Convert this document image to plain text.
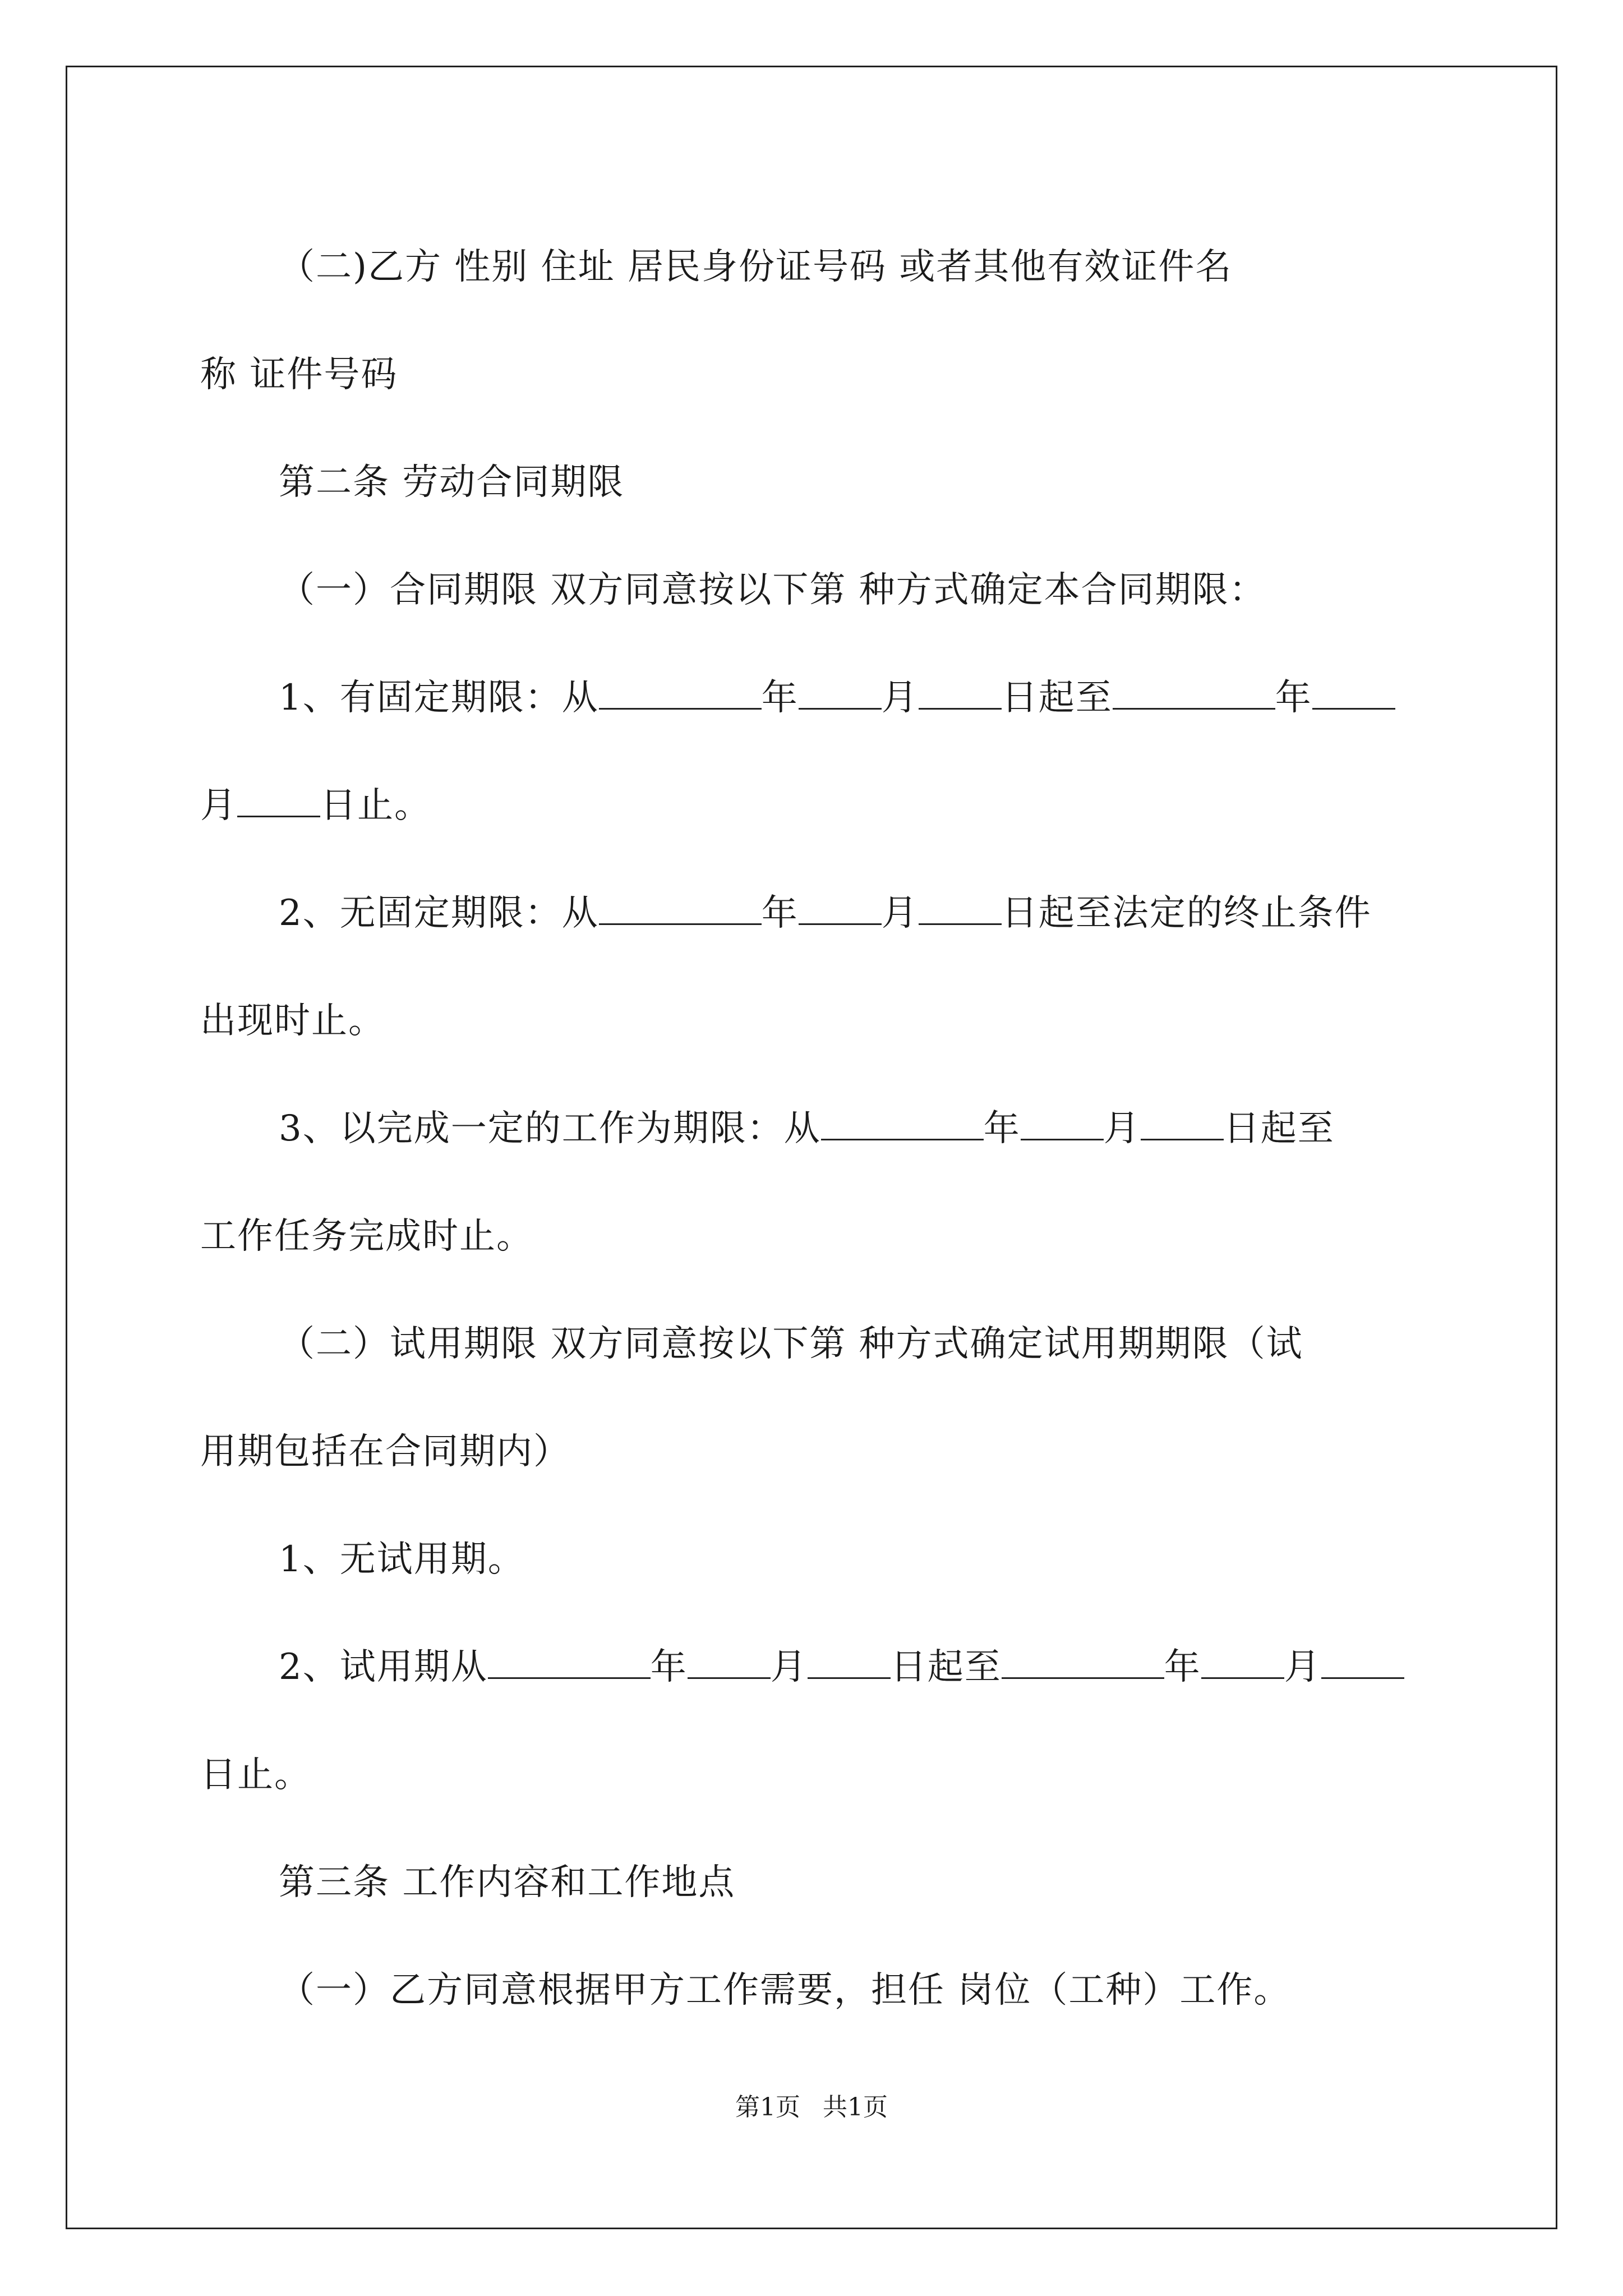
（二)乙方 性别 住址 居民身份证号码 或者其他有效证件名

称 证件号码

第二条 劳动合同期限

（一）合同期限 双方同意按以下第 种方式确定本合同期限：

1、有固定期限：从	年 月 日起至	年

月 日止。

2、无固定期限：从	年 月 日起至法定的终止条件

出现时止。

3、以完成一定的工作为期限：从	年 月 日起至

工作任务完成时止。

（二）试用期限 双方同意按以下第 种方式确定试用期期限（试

用期包括在合同期内）

1、无试用期。

2、试用期从	年 月 日起至	年 月

日止。

第三条 工作内容和工作地点

（一）乙方同意根据甲方工作需要，担任 岗位（工种）工作。

第1页 共1页
